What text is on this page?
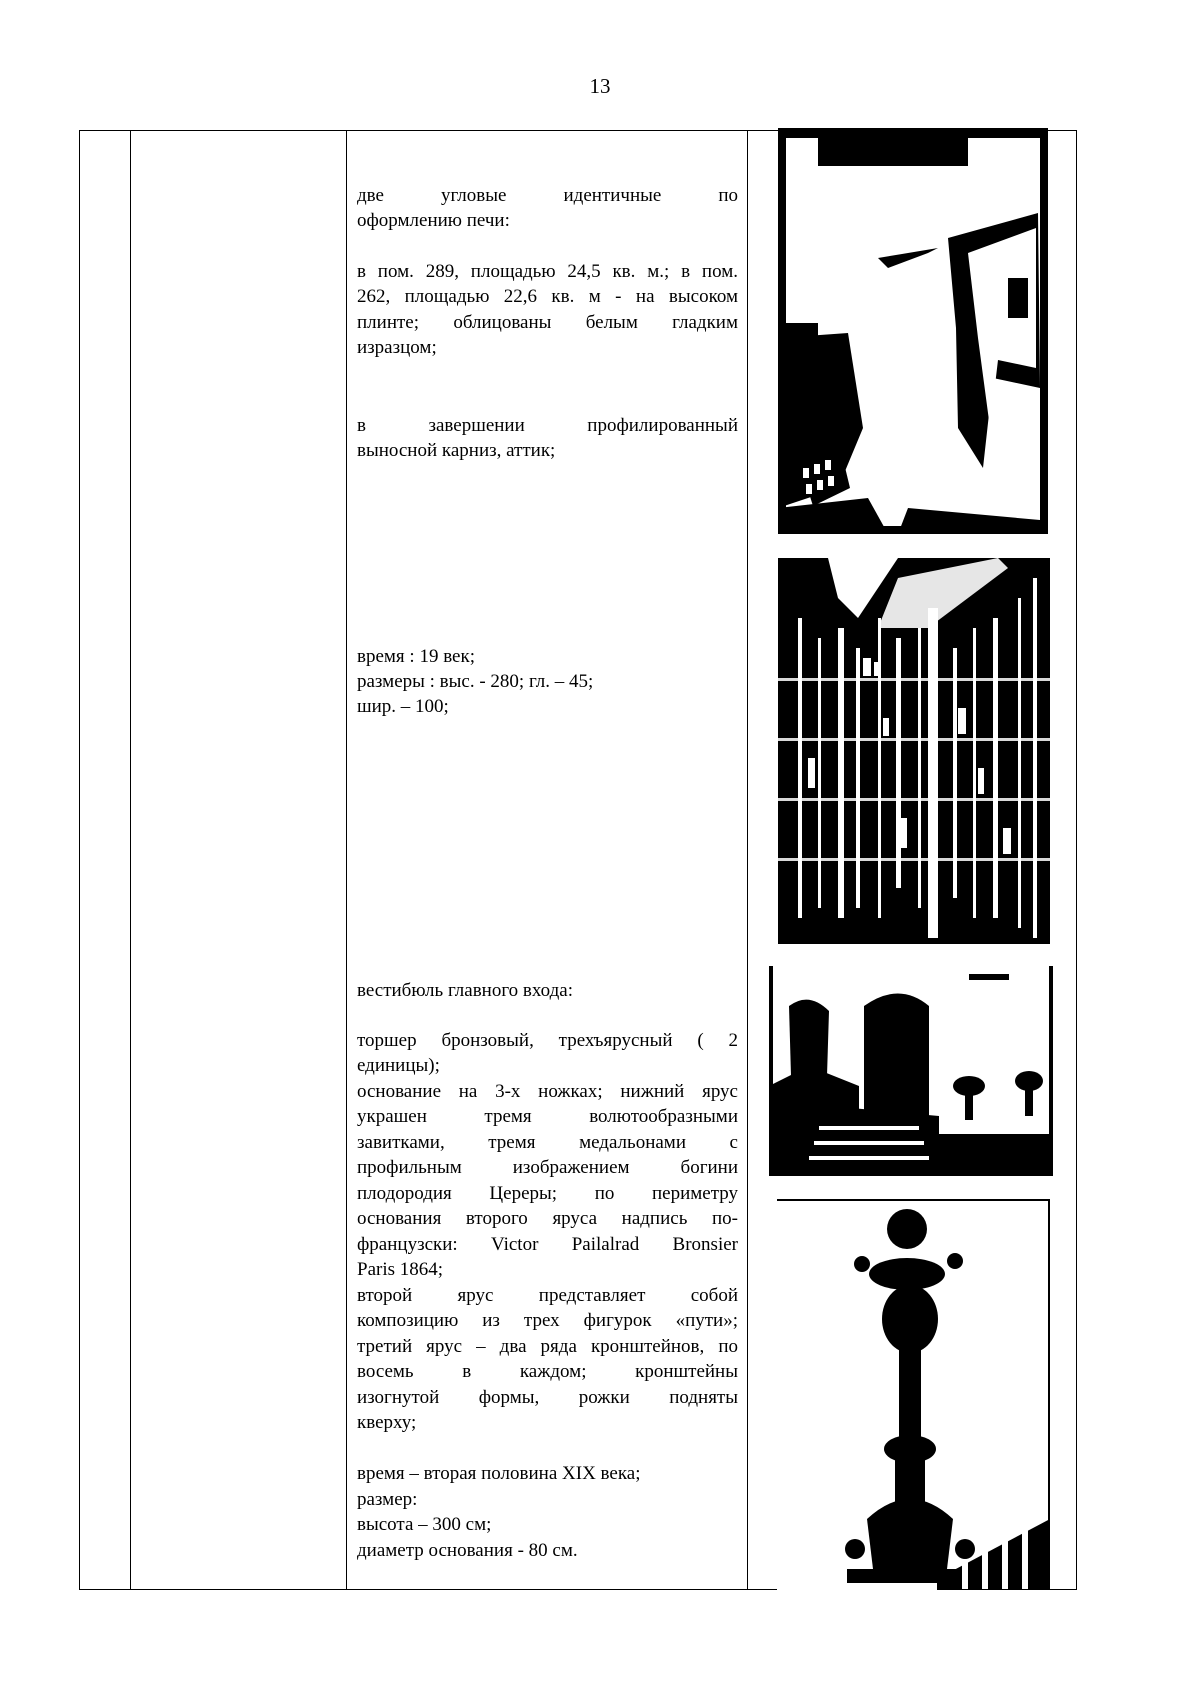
13
две угловые идентичные по
оформлению печи:
в пом. 289, площадью 24,5 кв. м.; в пом.
262, площадью 22,6 кв. м - на высоком
плинте; облицованы белым гладким
изразцом;
в завершении профилированный
выносной карниз, аттик;
время : 19 век;
размеры : выс. - 280; гл. – 45;
шир. – 100;
вестибюль главного входа:
торшер бронзовый, трехъярусный ( 2
единицы);
основание на 3-х ножках; нижний ярус
украшен тремя волютообразными
завитками, тремя медальонами с
профильным изображением богини
плодородия Цереры; по периметру
основания второго яруса надпись по-
французски: Victor Pailalrad Bronsier
Paris 1864;
второй ярус представляет собой
композицию из трех фигурок «пути»;
третий ярус – два ряда кронштейнов, по
восемь в каждом; кронштейны
изогнутой формы, рожки подняты
кверху;
время – вторая половина XIX века;
размер:
высота – 300 см;
диаметр основания - 80 см.
